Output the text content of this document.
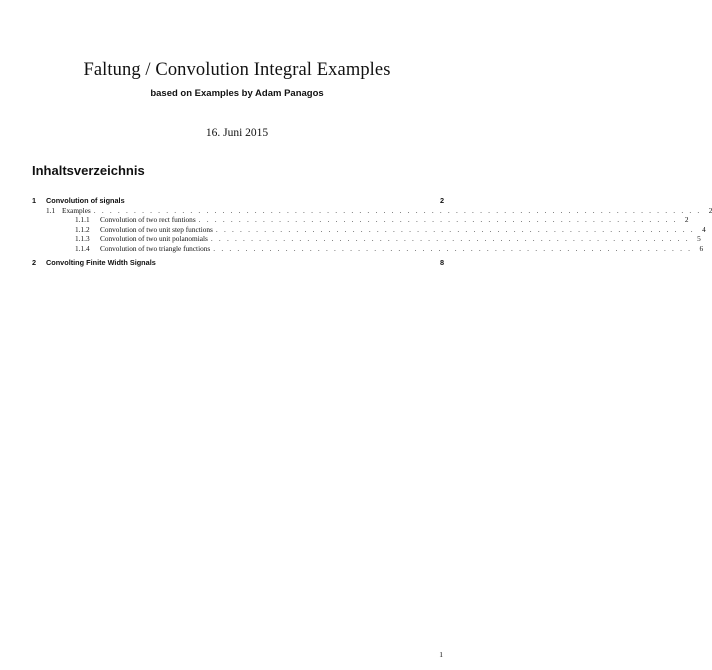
Faltung / Convolution Integral Examples
based on Examples by Adam Panagos
16. Juni 2015
Inhaltsverzeichnis
1	Convolution of signals	2
1.1 Examples . . . . . . . . . . . . . . . . . . . . . . . . . . . . . . . . . . . . . . . . . . . . . . . . . . . . . . . . . . . . . . . . . . . . . . . . . . . .	2
1.1.1	Convolution of two rect funtions . . . . . . . . . . . . . . . . . . . . . . . . . . . . . . . . . . . . . . . . . . . . . . . . . . . . . . . . . . . .	2
1.1.2	Convolution of two unit step functions . . . . . . . . . . . . . . . . . . . . . . . . . . . . . . . . . . . . . . . . . . . . . . . . . . . . . . . . . . . .	4
1.1.3	Convolution of two unit polanomials . . . . . . . . . . . . . . . . . . . . . . . . . . . . . . . . . . . . . . . . . . . . . . . . . . . . . . . . . . . .	5
1.1.4	Convolution of two triangle functions . . . . . . . . . . . . . . . . . . . . . . . . . . . . . . . . . . . . . . . . . . . . . . . . . . . . . . . . . . . .	6
2	Convolting Finite Width Signals	8
1
